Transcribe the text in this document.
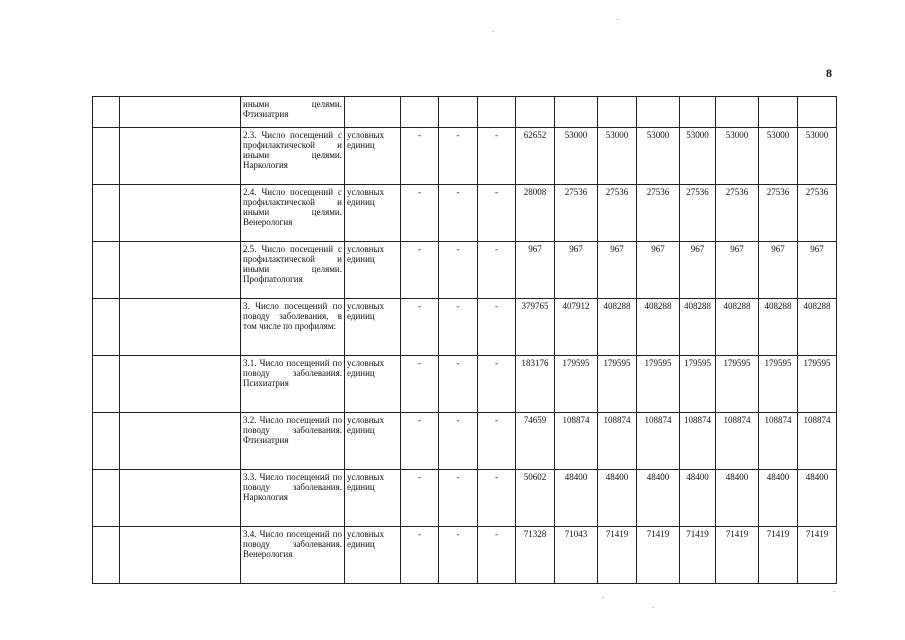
8
		иными целями. Фтизиатрия												
		2.3. Число посещений с профилактической и иными целями. Наркология	условных единиц	-	-	-	62652	53000	53000	53000	53000	53000	53000	53000
		2.4. Число посещений с профилактической и иными целями. Венерология	условных единиц	-	-	-	28008	27536	27536	27536	27536	27536	27536	27536
		2.5. Число посещений с профилактической и иными целями. Профпатология	условных единиц	-	-	-	967	967	967	967	967	967	967	967
		3. Число посещений по поводу заболевания, в том числе по профилям:	условных единиц	-	-	-	379765	407912	408288	408288	408288	408288	408288	408288
		3.1. Число посещений по поводу заболевания. Психиатрия	условных единиц	-	-	-	183176	179595	179595	179595	179595	179595	179595	179595
		3.2. Число посещений по поводу заболевания. Фтизиатрия	условных единиц	-	-	-	74659	108874	108874	108874	108874	108874	108874	108874
		3.3. Число посещений по поводу заболевания. Наркология	условных единиц	-	-	-	50602	48400	48400	48400	48400	48400	48400	48400
		3.4. Число посещений по поводу заболевания. Венерология	условных единиц	-	-	-	71328	71043	71419	71419	71419	71419	71419	71419
